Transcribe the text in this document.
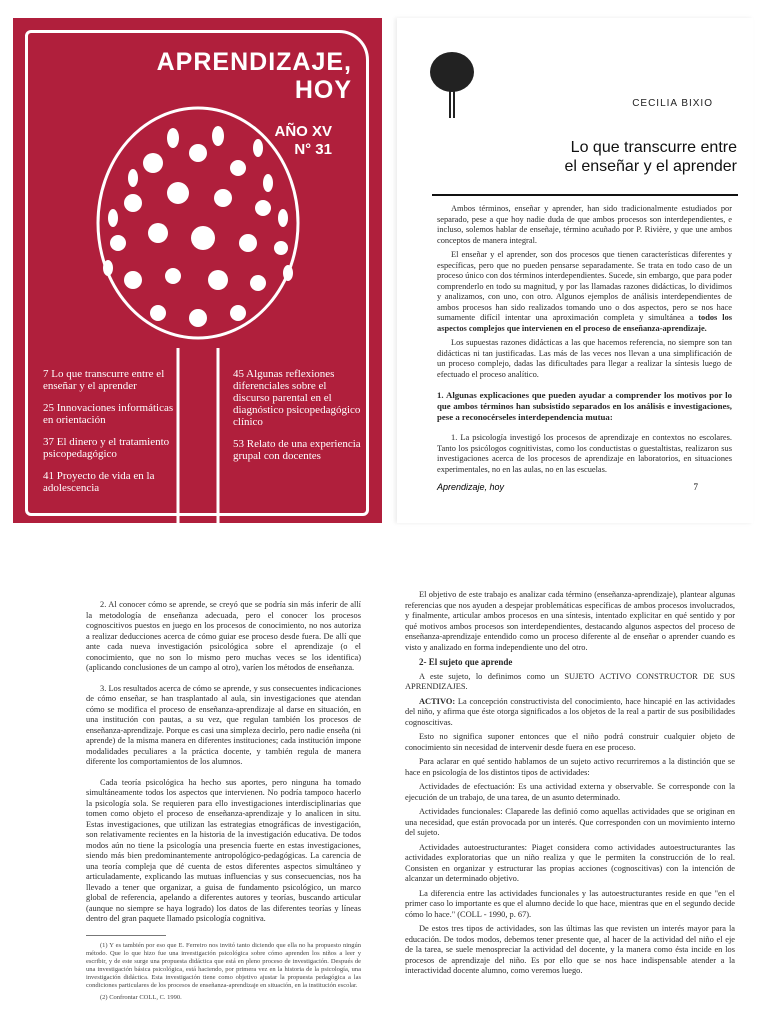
APRENDIZAJE,
HOY
AÑO XV
N° 31
7 Lo que transcurre entre el enseñar y el aprender
25 Innovaciones informáticas en orientación
37 El dinero y el tratamiento psicopedagógico
41 Proyecto de vida en la adolescencia
45 Algunas reflexiones diferenciales sobre el discurso parental en el diagnóstico psicopedagógico clínico
53 Relato de una experiencia grupal con docentes
CECILIA BIXIO
Lo que transcurre entre
el enseñar y el aprender

Ambos términos, enseñar y aprender, han sido tradicionalmente estudiados por separado, pese a que hoy nadie duda de que ambos procesos son interdependientes, e incluso, solemos hablar de enseñaje, término acuñado por P. Rivière, y que une ambos conceptos de manera integral.

El enseñar y el aprender, son dos procesos que tienen características diferentes y específicas, pero que no pueden pensarse separadamente. Se trata en todo caso de un proceso único con dos términos interdependientes. Sucede, sin embargo, que para poder comprenderlo en todo su magnitud, y por las llamadas razones didácticas, lo dividimos y analizamos, con uno, con otro. Algunos ejemplos de análisis interdependientes de ambos procesos han sido realizados tomando uno o dos aspectos, pero se nos hace sumamente difícil intentar una aproximación completa y simultánea a todos los aspectos complejos que intervienen en el proceso de enseñanza-aprendizaje.

Los supuestas razones didácticas a las que hacemos referencia, no siempre son tan didácticas ni tan justificadas. Las más de las veces nos llevan a una simplificación de un proceso complejo, dadas las dificultades para llegar a realizar la síntesis luego de efectuado el proceso analítico.

1. Algunas explicaciones que pueden ayudar a comprender los motivos por lo que ambos términos han subsistido separados en los análisis e investigaciones, pese a reconocérseles interdependencia mutua:

1. La psicología investigó los procesos de aprendizaje en contextos no escolares. Tanto los psicólogos cognitivistas, como los conductistas o guestaltistas, realizaron sus investigaciones acerca de los procesos de aprendizaje en laboratorios, en situaciones experimentales, no en las aulas, no en las escuelas.

Aprendizaje, hoy	7

2. Al conocer cómo se aprende, se creyó que se podría sin más inferir de allí la metodología de enseñanza adecuada, pero el conocer los procesos cognoscitivos puestos en juego en los procesos de conocimiento, no nos autoriza a realizar deducciones acerca de cómo guiar ese proceso desde fuera. De allí que ante cada nueva investigación psicológica sobre el aprendizaje (o el conocimiento, que no son lo mismo pero muchas veces se los identifica) (aplicando conclusiones de un campo al otro), varíen los métodos de enseñanza.

3. Los resultados acerca de cómo se aprende, y sus consecuentes indicaciones de cómo enseñar, se han trasplantado al aula, sin investigaciones que atendan cómo se modifica el proceso de enseñanza-aprendizaje al darse en situación, en una institución con pautas, a su vez, que regulan también los procesos de enseñanza-aprendizaje. Porque es casi una simpleza decirlo, pero nadie enseña (ni aprende) de la misma manera en diferentes instituciones; cada institución impone modalidades peculiares a la práctica docente, y también regula de manera diferente los comportamientos de los alumnos.

Cada teoría psicológica ha hecho sus aportes, pero ninguna ha tomado simultáneamente todos los aspectos que intervienen. No podría tampoco hacerlo la psicología sola. Se requieren para ello investigaciones interdisciplinarias que tomen como objeto el proceso de enseñanza-aprendizaje y lo analicen in situ. Estas investigaciones, que utilizan las estrategias etnográficas de investigación, son relativamente recientes en la historia de la investigación educativa. De todos modos aún no tiene la psicología una presencia fuerte en estas investigaciones, siendo más bien predominantemente antropológico-pedagógicas. La carencia de una teoría compleja que dé cuenta de estos diferentes aspectos simultáneo y articuladamente, explicando las mutuas influencias y sus consecuencias, nos ha llevado a tener que organizar, a guisa de fundamento psicológico, un marco global de referencia, apelando a diferentes autores y teorías, buscando articular (aunque no siempre se haya logrado) los datos de las diferentes teorías y líneas dentro del gran paquete llamado psicología cognitiva.

(1) Y es también por eso que E. Ferreiro nos invitó tanto diciendo que ella no ha propuesto ningún método. Que lo que hizo fue una investigación psicológica sobre cómo aprenden los niños a leer y escribir, y de este surge una propuesta didáctica que está en pleno proceso de investigación. Después de una investigación básica psicológica, está haciendo, por primera vez en la historia de la psicología, una investigación didáctica. Esta investigación tiene como objetivo ajustar la propuesta pedagógica a las condiciones particulares de los procesos de enseñanza-aprendizaje en situación, en la institución escolar.

(2) Confrontar COLL, C. 1990.

El objetivo de este trabajo es analizar cada término (enseñanza-aprendizaje), plantear algunas referencias que nos ayuden a despejar problemáticas específicas de ambos procesos involucrados, y finalmente, articular ambos procesos en una síntesis, intentado explicitar en qué sentido y por qué motivos ambos procesos son interdependientes, destacando algunos aspectos del proceso de enseñanza-aprendizaje entendido como un proceso diferente al de enseñar o aprender cuando es visto y analizado en forma independiente uno del otro.

2- El sujeto que aprende

A este sujeto, lo definimos como un SUJETO ACTIVO CONSTRUCTOR DE SUS APRENDIZAJES.

ACTIVO: La concepción constructivista del conocimiento, hace hincapié en las actividades del niño, y afirma que éste otorga significados a los objetos de la real a partir de sus posibilidades cognoscitivas.

Esto no significa suponer entonces que el niño podrá construir cualquier objeto de conocimiento sin necesidad de intervenir desde fuera en ese proceso.

Para aclarar en qué sentido hablamos de un sujeto activo recurriremos a la distinción que se hace en psicología de los distintos tipos de actividades:

Actividades de efectuación: Es una actividad externa y observable. Se corresponde con la ejecución de un trabajo, de una tarea, de un asunto determinado.

Actividades funcionales: Claparede las definió como aquellas actividades que se originan en una necesidad, que están provocada por un interés. Que corresponden con un movimiento interno del sujeto.

Actividades autoestructurantes: Piaget considera como actividades autoestructurantes las actividades exploratorias que un niño realiza y que le permiten la construcción de lo real. Consisten en organizar y estructurar las propias acciones (cognoscitivas) con la intención de alcanzar un determinado objetivo.

La diferencia entre las actividades funcionales y las autoestructurantes reside en que "en el primer caso lo importante es que el alumno decide lo que hace, mientras que en el segundo decide cómo lo hace." (COLL - 1990, p. 67).

De estos tres tipos de actividades, son las últimas las que revisten un interés mayor para la educación. De todos modos, debemos tener presente que, al hacer de la actividad del niño el eje de la tarea, se suele menospreciar la actividad del docente, y la manera como ésta incide en los procesos de aprendizaje del niño. Es por ello que se nos hace indispensable atender a la interactividad docente alumno, como veremos luego.
